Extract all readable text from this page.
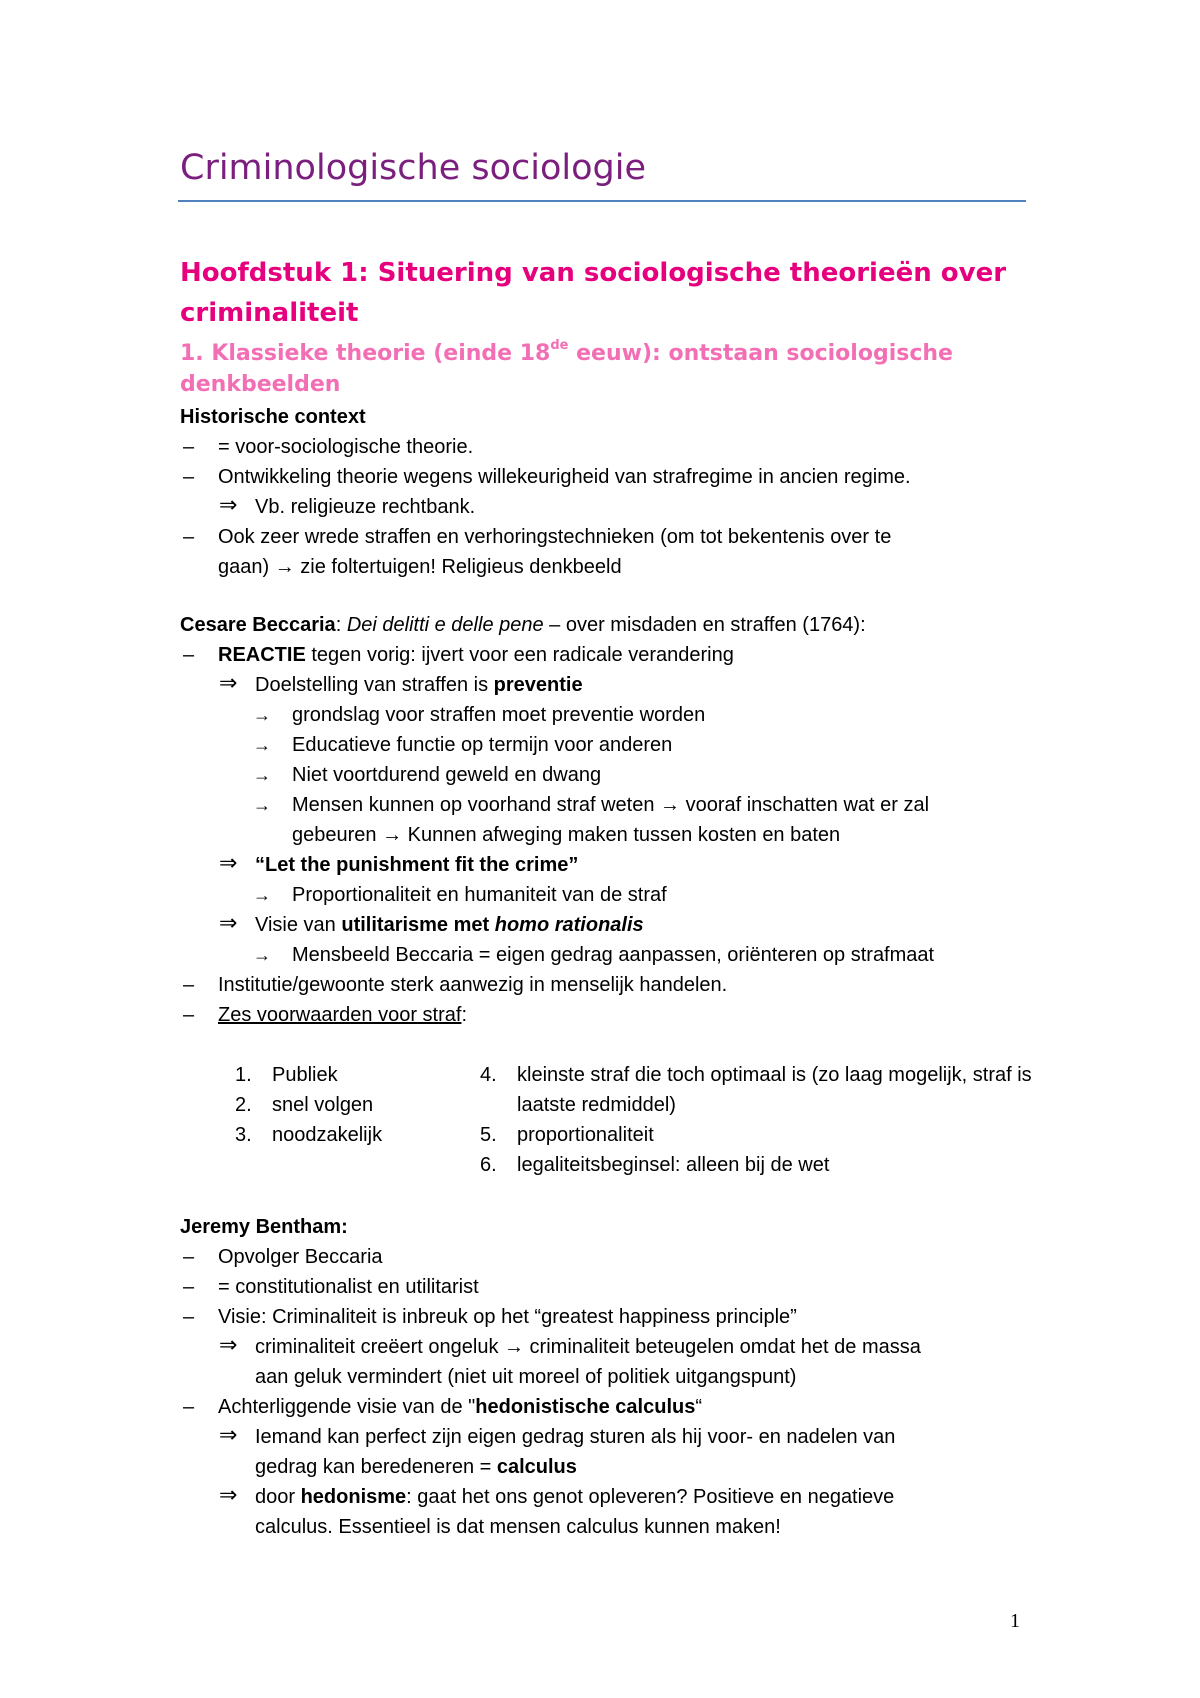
Criminologische sociologie
Hoofdstuk 1: Situering van sociologische theorieën over
criminaliteit
1. Klassieke theorie (einde 18de eeuw): ontstaan sociologische
denkbeelden
Historische context
– = voor-sociologische theorie.
– Ontwikkeling theorie wegens willekeurigheid van strafregime in ancien regime.
⇒ Vb. religieuze rechtbank.
– Ook zeer wrede straffen en verhoringstechnieken (om tot bekentenis over te
gaan) → zie foltertuigen! Religieus denkbeeld
Cesare Beccaria: Dei delitti e delle pene – over misdaden en straffen (1764):
– REACTIE tegen vorig: ijvert voor een radicale verandering
⇒ Doelstelling van straffen is preventie
→ grondslag voor straffen moet preventie worden
→ Educatieve functie op termijn voor anderen
→ Niet voortdurend geweld en dwang
→ Mensen kunnen op voorhand straf weten → vooraf inschatten wat er zal
gebeuren → Kunnen afweging maken tussen kosten en baten
⇒ “Let the punishment fit the crime”
→ Proportionaliteit en humaniteit van de straf
⇒ Visie van utilitarisme met homo rationalis
→ Mensbeeld Beccaria = eigen gedrag aanpassen, oriënteren op strafmaat
– Institutie/gewoonte sterk aanwezig in menselijk handelen.
– Zes voorwaarden voor straf:
1. Publiek
2. snel volgen
3. noodzakelijk
4. kleinste straf die toch optimaal is (zo laag mogelijk, straf is
laatste redmiddel)
5. proportionaliteit
6. legaliteitsbeginsel: alleen bij de wet
Jeremy Bentham:
– Opvolger Beccaria
– = constitutionalist en utilitarist
– Visie: Criminaliteit is inbreuk op het “greatest happiness principle”
⇒ criminaliteit creëert ongeluk → criminaliteit beteugelen omdat het de massa
aan geluk vermindert (niet uit moreel of politiek uitgangspunt)
– Achterliggende visie van de "hedonistische calculus“
⇒ Iemand kan perfect zijn eigen gedrag sturen als hij voor- en nadelen van
gedrag kan beredeneren = calculus
⇒ door hedonisme: gaat het ons genot opleveren? Positieve en negatieve
calculus. Essentieel is dat mensen calculus kunnen maken!
1
